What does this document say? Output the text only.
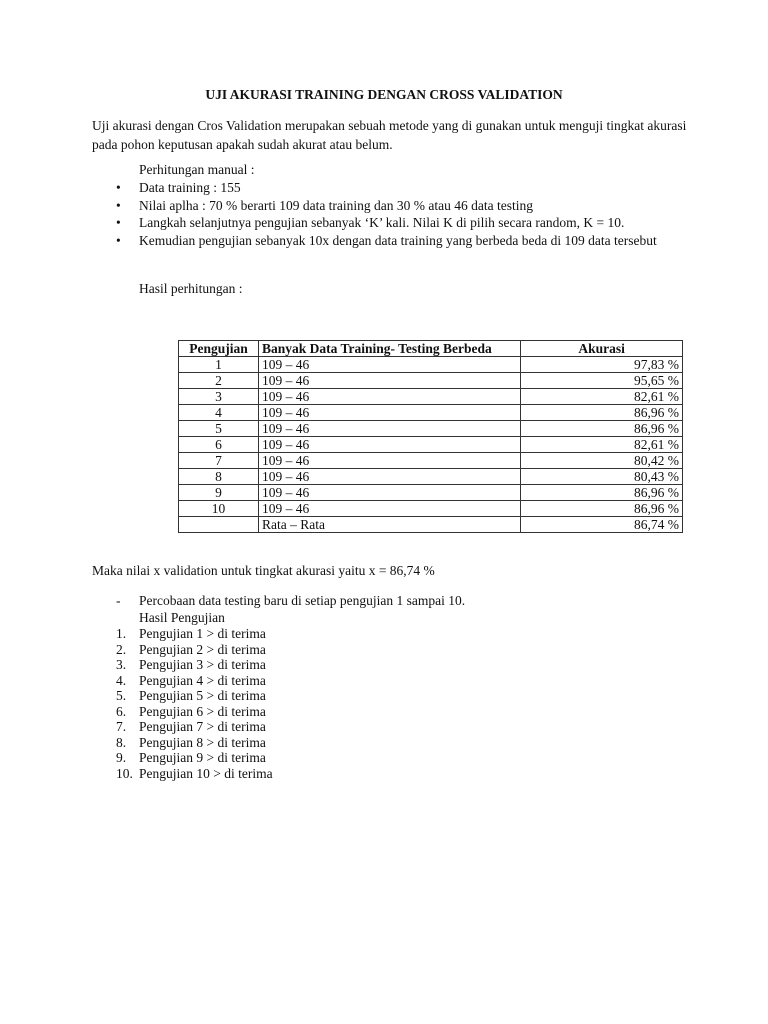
UJI AKURASI TRAINING DENGAN CROSS VALIDATION
Uji akurasi dengan Cros Validation merupakan sebuah metode yang di gunakan untuk menguji tingkat akurasi pada pohon keputusan apakah sudah akurat atau belum.
Perhitungan manual :
• Data training : 155
• Nilai aplha : 70 % berarti 109 data training dan 30 % atau 46 data testing
• Langkah selanjutnya pengujian sebanyak ‘K’ kali. Nilai K di pilih secara random, K = 10.
• Kemudian pengujian sebanyak 10x dengan data training yang berbeda beda di 109 data tersebut
Hasil perhitungan :
Pengujian	Banyak Data Training- Testing Berbeda	Akurasi
1	109 – 46	97,83 %
2	109 – 46	95,65 %
3	109 – 46	82,61 %
4	109 – 46	86,96 %
5	109 – 46	86,96 %
6	109 – 46	82,61 %
7	109 – 46	80,42 %
8	109 – 46	80,43 %
9	109 – 46	86,96 %
10	109 – 46	86,96 %
	Rata – Rata	86,74 %
Maka nilai x validation untuk tingkat akurasi yaitu x = 86,74 %
- Percobaan data testing baru di setiap pengujian 1 sampai 10.
Hasil Pengujian
1. Pengujian 1 > di terima
2. Pengujian 2 > di terima
3. Pengujian 3 > di terima
4. Pengujian 4 > di terima
5. Pengujian 5 > di terima
6. Pengujian 6 > di terima
7. Pengujian 7 > di terima
8. Pengujian 8 > di terima
9. Pengujian 9 > di terima
10. Pengujian 10 > di terima
